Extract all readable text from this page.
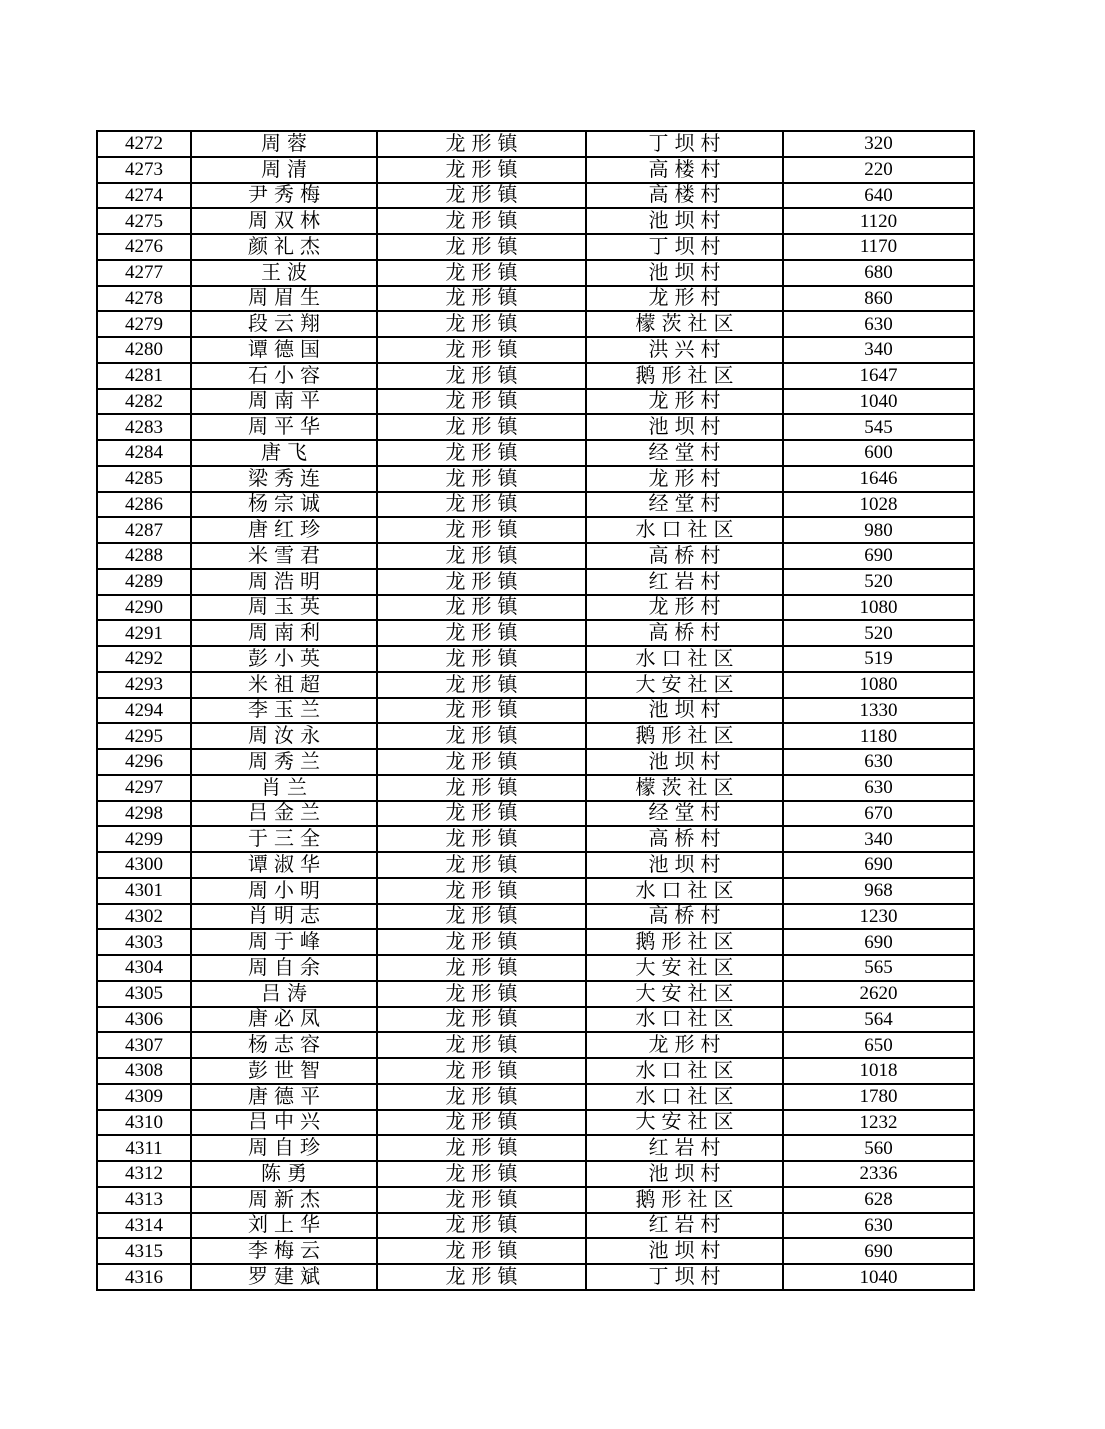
4272	周蓉	龙形镇	丁坝村	320
4273	周清	龙形镇	高楼村	220
4274	尹秀梅	龙形镇	高楼村	640
4275	周双林	龙形镇	池坝村	1120
4276	颜礼杰	龙形镇	丁坝村	1170
4277	王波	龙形镇	池坝村	680
4278	周眉生	龙形镇	龙形村	860
4279	段云翔	龙形镇	檬茨社区	630
4280	谭德国	龙形镇	洪兴村	340
4281	石小容	龙形镇	鹅形社区	1647
4282	周南平	龙形镇	龙形村	1040
4283	周平华	龙形镇	池坝村	545
4284	唐飞	龙形镇	经堂村	600
4285	梁秀连	龙形镇	龙形村	1646
4286	杨宗诚	龙形镇	经堂村	1028
4287	唐红珍	龙形镇	水口社区	980
4288	米雪君	龙形镇	高桥村	690
4289	周浩明	龙形镇	红岩村	520
4290	周玉英	龙形镇	龙形村	1080
4291	周南利	龙形镇	高桥村	520
4292	彭小英	龙形镇	水口社区	519
4293	米祖超	龙形镇	大安社区	1080
4294	李玉兰	龙形镇	池坝村	1330
4295	周汝永	龙形镇	鹅形社区	1180
4296	周秀兰	龙形镇	池坝村	630
4297	肖兰	龙形镇	檬茨社区	630
4298	吕金兰	龙形镇	经堂村	670
4299	于三全	龙形镇	高桥村	340
4300	谭淑华	龙形镇	池坝村	690
4301	周小明	龙形镇	水口社区	968
4302	肖明志	龙形镇	高桥村	1230
4303	周于峰	龙形镇	鹅形社区	690
4304	周自余	龙形镇	大安社区	565
4305	吕涛	龙形镇	大安社区	2620
4306	唐必凤	龙形镇	水口社区	564
4307	杨志容	龙形镇	龙形村	650
4308	彭世智	龙形镇	水口社区	1018
4309	唐德平	龙形镇	水口社区	1780
4310	吕中兴	龙形镇	大安社区	1232
4311	周自珍	龙形镇	红岩村	560
4312	陈勇	龙形镇	池坝村	2336
4313	周新杰	龙形镇	鹅形社区	628
4314	刘上华	龙形镇	红岩村	630
4315	李梅云	龙形镇	池坝村	690
4316	罗建斌	龙形镇	丁坝村	1040
